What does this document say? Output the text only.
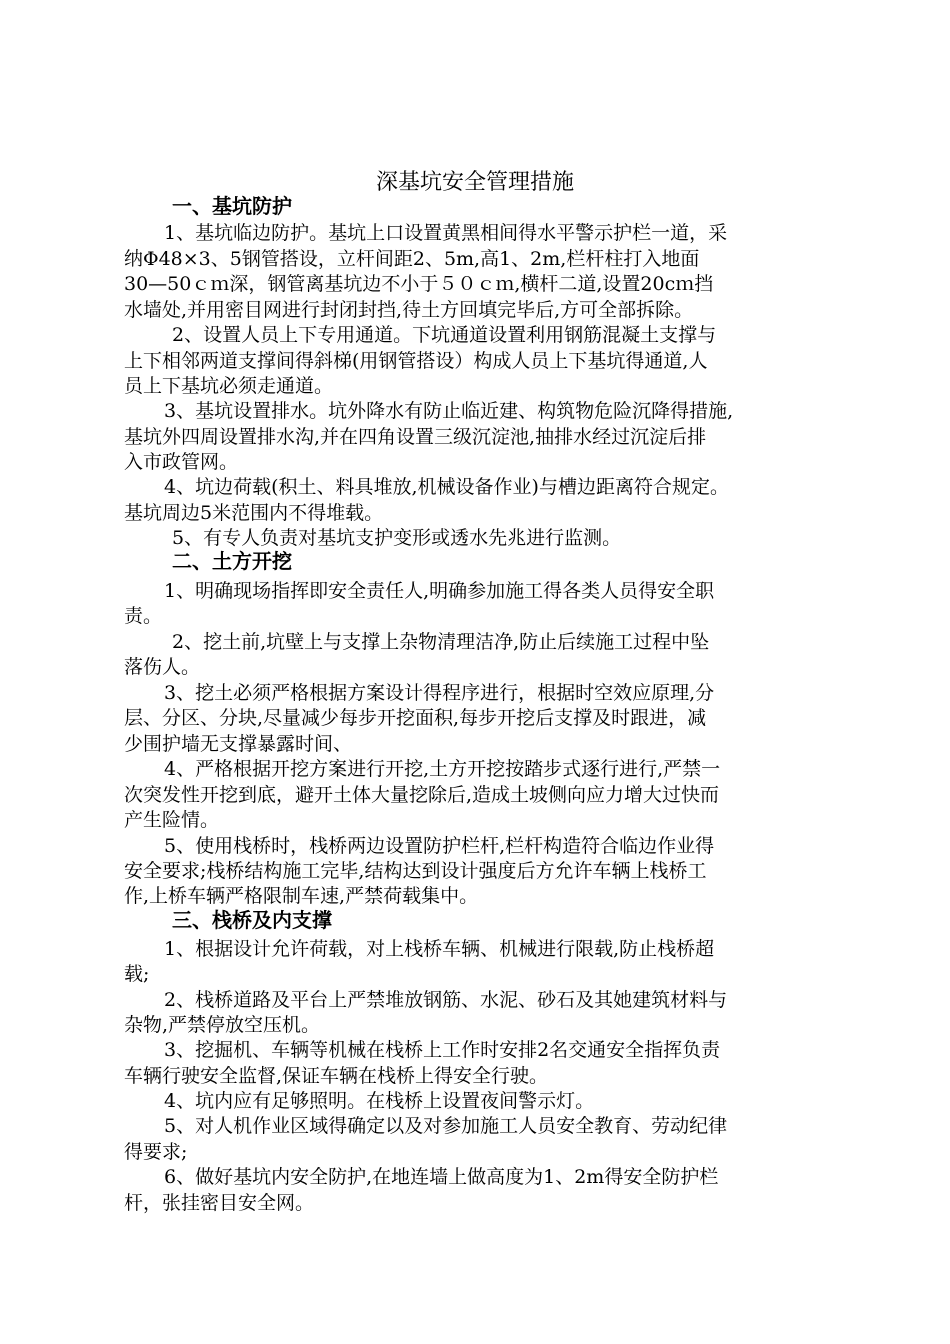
深基坑安全管理措施
一、基坑防护
1、基坑临边防护。基坑上口设置黄黑相间得水平警示护栏一道，采
纳Φ48×3、5钢管搭设，立杆间距2、5m,高1、2m,栏杆柱打入地面
30—50ｃｍ深，钢管离基坑边不小于５０ｃｍ,横杆二道,设置20cｍ挡
水墙处,并用密目网进行封闭封挡,待土方回填完毕后,方可全部拆除。
2、设置人员上下专用通道。下坑通道设置利用钢筋混凝土支撑与
上下相邻两道支撑间得斜梯(用钢管搭设）构成人员上下基坑得通道,人
员上下基坑必须走通道。
3、基坑设置排水。坑外降水有防止临近建、构筑物危险沉降得措施,
基坑外四周设置排水沟,并在四角设置三级沉淀池,抽排水经过沉淀后排
入市政管网。
4、坑边荷载(积土、料具堆放,机械设备作业)与槽边距离符合规定。
基坑周边5米范围内不得堆载。
5、有专人负责对基坑支护变形或透水先兆进行监测。
二、土方开挖
1、明确现场指挥即安全责任人,明确参加施工得各类人员得安全职
责。
2、挖土前,坑壁上与支撑上杂物清理洁净,防止后续施工过程中坠
落伤人。
3、挖土必须严格根据方案设计得程序进行，根据时空效应原理,分
层、分区、分块,尽量减少每步开挖面积,每步开挖后支撑及时跟进，减
少围护墙无支撑暴露时间、
4、严格根据开挖方案进行开挖,土方开挖按踏步式逐行进行,严禁一
次突发性开挖到底，避开土体大量挖除后,造成土坡侧向应力增大过快而
产生险情。
5、使用栈桥时，栈桥两边设置防护栏杆,栏杆构造符合临边作业得
安全要求;栈桥结构施工完毕,结构达到设计强度后方允许车辆上栈桥工
作,上桥车辆严格限制车速,严禁荷载集中。
三、栈桥及内支撑
1、根据设计允许荷载，对上栈桥车辆、机械进行限载,防止栈桥超
载;
2、栈桥道路及平台上严禁堆放钢筋、水泥、砂石及其她建筑材料与
杂物,严禁停放空压机。
3、挖掘机、车辆等机械在栈桥上工作时安排2名交通安全指挥负责
车辆行驶安全监督,保证车辆在栈桥上得安全行驶。
4、坑内应有足够照明。在栈桥上设置夜间警示灯。
5、对人机作业区域得确定以及对参加施工人员安全教育、劳动纪律
得要求;
6、做好基坑内安全防护,在地连墙上做高度为1、2m得安全防护栏
杆，张挂密目安全网。
